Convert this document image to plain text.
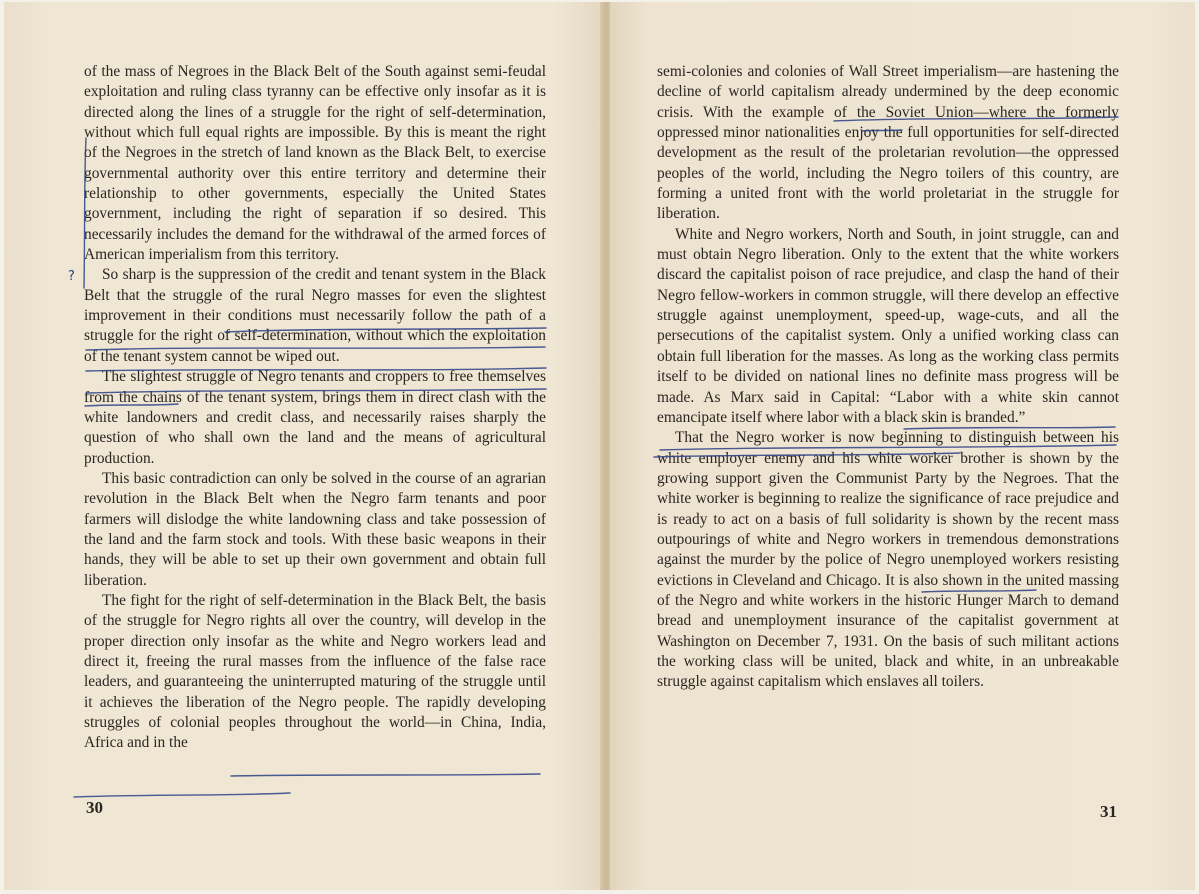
of the mass of Negroes in the Black Belt of the South against semi-feudal exploitation and ruling class tyranny can be effective only insofar as it is directed along the lines of a struggle for the right of self-determination, without which full equal rights are impossible. By this is meant the right of the Negroes in the stretch of land known as the Black Belt, to exercise governmental authority over this entire territory and determine their relationship to other governments, especially the United States government, including the right of separation if so desired. This necessarily includes the demand for the withdrawal of the armed forces of American imperialism from this territory.

So sharp is the suppression of the credit and tenant system in the Black Belt that the struggle of the rural Negro masses for even the slightest improvement in their conditions must necessarily follow the path of a struggle for the right of self-determination, without which the exploitation of the tenant system cannot be wiped out.

The slightest struggle of Negro tenants and croppers to free themselves from the chains of the tenant system, brings them in direct clash with the white landowners and credit class, and necessarily raises sharply the question of who shall own the land and the means of agricultural production.

This basic contradiction can only be solved in the course of an agrarian revolution in the Black Belt when the Negro farm tenants and poor farmers will dislodge the white landowning class and take possession of the land and the farm stock and tools. With these basic weapons in their hands, they will be able to set up their own government and obtain full liberation.

The fight for the right of self-determination in the Black Belt, the basis of the struggle for Negro rights all over the country, will develop in the proper direction only insofar as the white and Negro workers lead and direct it, freeing the rural masses from the influence of the false race leaders, and guaranteeing the uninterrupted maturing of the struggle until it achieves the liberation of the Negro people. The rapidly developing struggles of colonial peoples throughout the world—in China, India, Africa and in the

semi-colonies and colonies of Wall Street imperialism—are hastening the decline of world capitalism already undermined by the deep economic crisis. With the example of the Soviet Union—where the formerly oppressed minor nationalities enjoy the full opportunities for self-directed development as the result of the proletarian revolution—the oppressed peoples of the world, including the Negro toilers of this country, are forming a united front with the world proletariat in the struggle for liberation.

White and Negro workers, North and South, in joint struggle, can and must obtain Negro liberation. Only to the extent that the white workers discard the capitalist poison of race prejudice, and clasp the hand of their Negro fellow-workers in common struggle, will there develop an effective struggle against unemployment, speed-up, wage-cuts, and all the persecutions of the capitalist system. Only a unified working class can obtain full liberation for the masses. As long as the working class permits itself to be divided on national lines no definite mass progress will be made. As Marx said in Capital: “Labor with a white skin cannot emancipate itself where labor with a black skin is branded.”

That the Negro worker is now beginning to distinguish between his white employer enemy and his white worker brother is shown by the growing support given the Communist Party by the Negroes. That the white worker is beginning to realize the significance of race prejudice and is ready to act on a basis of full solidarity is shown by the recent mass outpourings of white and Negro workers in tremendous demonstrations against the murder by the police of Negro unemployed workers resisting evictions in Cleveland and Chicago. It is also shown in the united massing of the Negro and white workers in the historic Hunger March to demand bread and unemployment insurance of the capitalist government at Washington on December 7, 1931. On the basis of such militant actions the working class will be united, black and white, in an unbreakable struggle against capitalism which enslaves all toilers.

30	31
?
